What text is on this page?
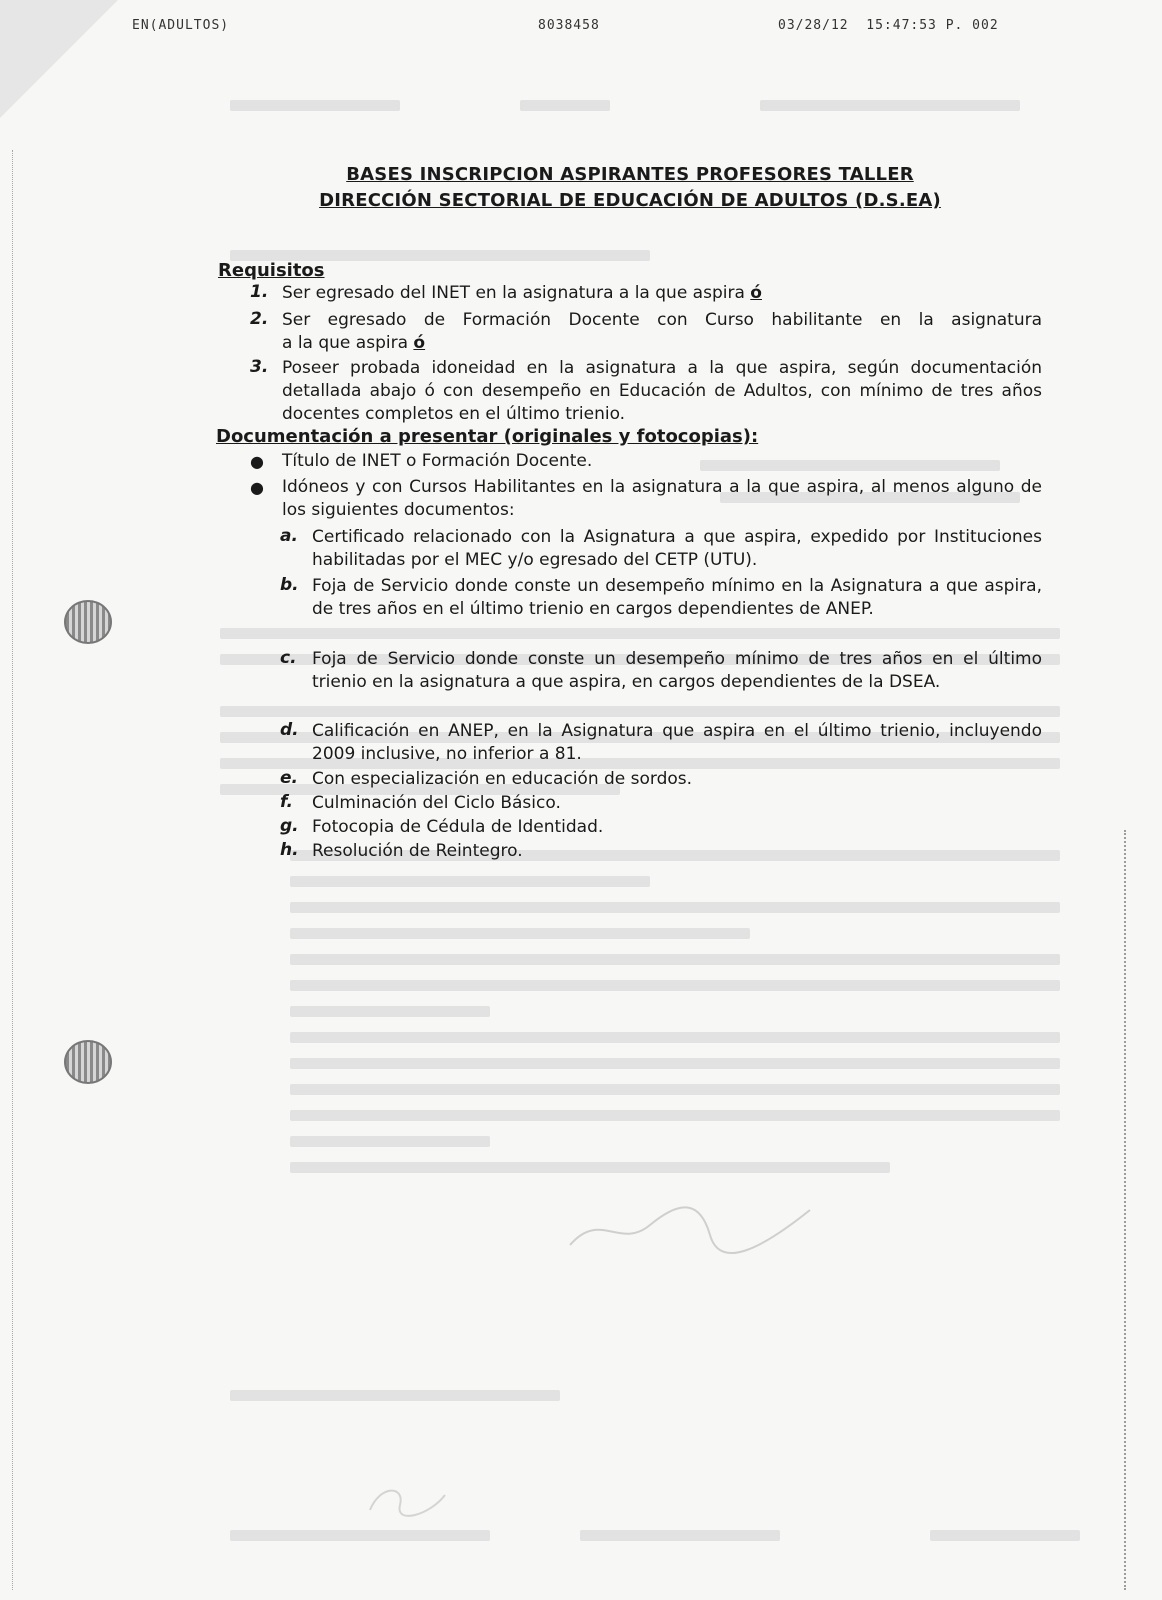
EN(ADULTOS)	8038458	03/28/12  15:47:53 P. 002
BASES INSCRIPCION ASPIRANTES PROFESORES TALLER
DIRECCIÓN SECTORIAL DE EDUCACIÓN DE ADULTOS (D.S.EA)
Requisitos
1. Ser egresado del INET en la asignatura a la que aspira ó
2. Ser egresado de Formación Docente con Curso habilitante en la asignatura
a la que aspira ó
3. Poseer probada idoneidad en la asignatura a la que aspira, según documentación detallada abajo ó con desempeño en Educación de Adultos, con mínimo de tres años docentes completos en el último trienio.
Documentación a presentar (originales y fotocopias):
● Título de INET o Formación Docente.
● Idóneos y con Cursos Habilitantes en la asignatura a la que aspira, al menos alguno de los siguientes documentos:
a. Certificado relacionado con la Asignatura a que aspira, expedido por Instituciones habilitadas por el MEC y/o egresado del CETP (UTU).
b. Foja de Servicio donde conste un desempeño mínimo en la Asignatura a que aspira, de tres años en el último trienio en cargos dependientes de ANEP.
c. Foja de Servicio donde conste un desempeño mínimo de tres años en el último trienio en la asignatura a que aspira, en cargos dependientes de la DSEA.
d. Calificación en ANEP, en la Asignatura que aspira en el último trienio, incluyendo 2009 inclusive, no inferior a 81.
e. Con especialización en educación de sordos.
f. Culminación del Ciclo Básico.
g. Fotocopia de Cédula de Identidad.
h. Resolución de Reintegro.
